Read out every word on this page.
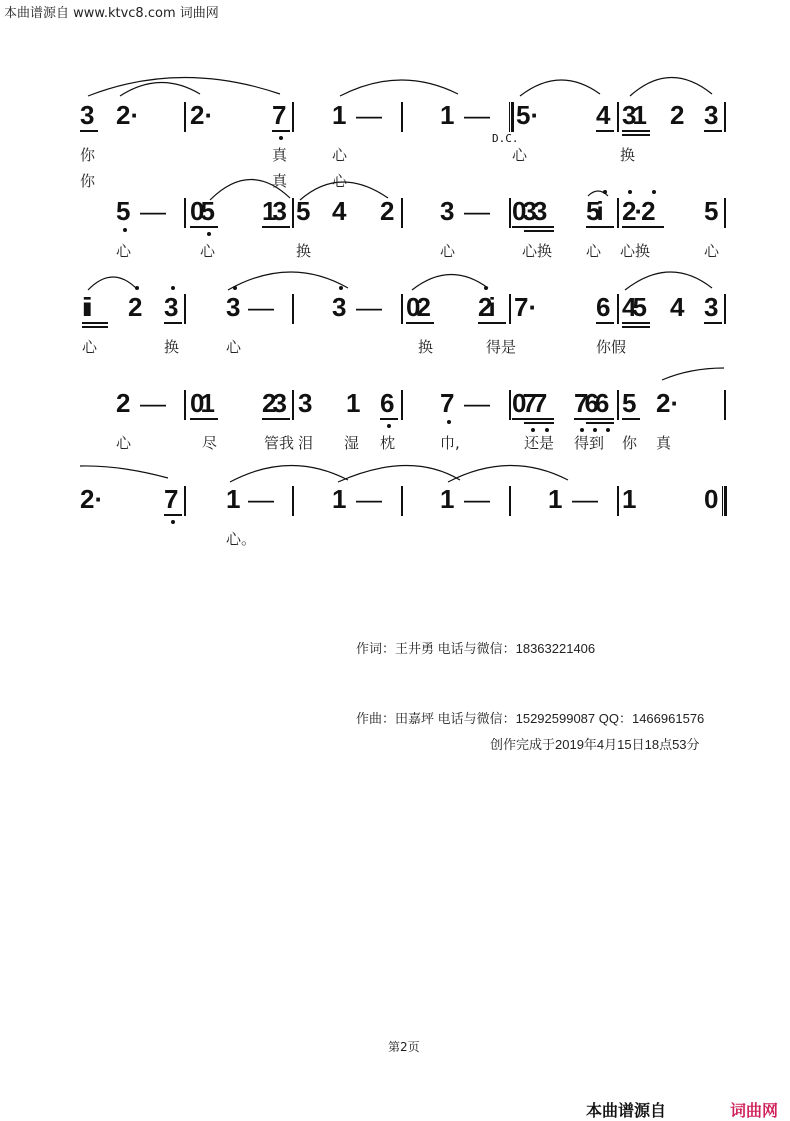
本曲谱源自 www.ktvc8.com 词曲网
3 2· 2· 7 1 — 1 — 5· 4 31 2 3
D.C.
你	真	心	心	换
你	真	心
5 — 05 13 5 4 2 3 — 033 5i 2·2 5
心	心	换	心	心换 心 心换	心
ii 2 3 3 — 3 — 02 2i 7· 6 45 4 3
心	换	心	换	得是	你假
2 — 01 23 3 1 6 7 — 077 766 5 2·
心	尽	管我 泪 湿 枕	巾,	还是 得到 你 真
2· 7 1 — 1 — 1 — 1 — 1	0
心。
作词：王井勇 电话与微信：18363221406
作曲：田嘉坪 电话与微信：15292599087 QQ：1466961576
创作完成于2019年4月15日18点53分
第2页
本曲谱源自	词曲网
